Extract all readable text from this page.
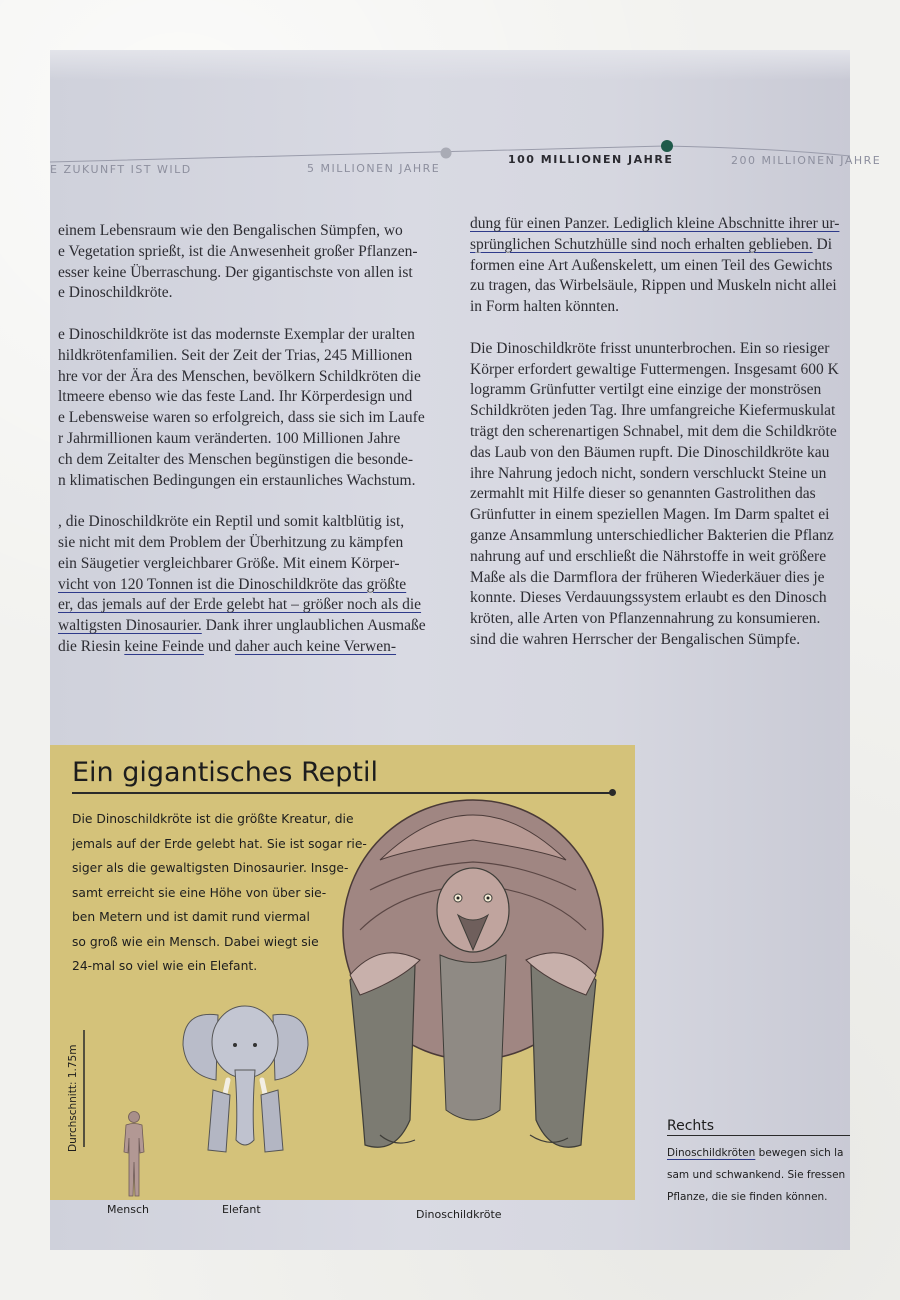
E ZUKUNFT IST WILD	5 MILLIONEN JAHRE
100 MILLIONEN JAHRE	200 MILLIONEN JAHRE

einem Lebensraum wie den Bengalischen Sümpfen, wo
e Vegetation sprießt, ist die Anwesenheit großer Pflanzen-
esser keine Überraschung. Der gigantischste von allen ist
e Dinoschildkröte.

e Dinoschildkröte ist das modernste Exemplar der uralten
hildkrötenfamilien. Seit der Zeit der Trias, 245 Millionen
hre vor der Ära des Menschen, bevölkern Schildkröten die
ltmeere ebenso wie das feste Land. Ihr Körperdesign und
e Lebensweise waren so erfolgreich, dass sie sich im Laufe
r Jahrmillionen kaum veränderten. 100 Millionen Jahre
ch dem Zeitalter des Menschen begünstigen die besonde-
n klimatischen Bedingungen ein erstaunliches Wachstum.

, die Dinoschildkröte ein Reptil und somit kaltblütig ist,
sie nicht mit dem Problem der Überhitzung zu kämpfen
ein Säugetier vergleichbarer Größe. Mit einem Körper-
vicht von 120 Tonnen ist die Dinoschildkröte das größte
er, das jemals auf der Erde gelebt hat – größer noch als die
waltigsten Dinosaurier. Dank ihrer unglaublichen Ausmaße
die Riesin keine Feinde und daher auch keine Verwen-

dung für einen Panzer. Lediglich kleine Abschnitte ihrer ur-
sprünglichen Schutzhülle sind noch erhalten geblieben. Di
formen eine Art Außenskelett, um einen Teil des Gewichts
zu tragen, das Wirbelsäule, Rippen und Muskeln nicht allei
in Form halten könnten.

Die Dinoschildkröte frisst ununterbrochen. Ein so riesiger
Körper erfordert gewaltige Futtermengen. Insgesamt 600 K
logramm Grünfutter vertilgt eine einzige der monströsen
Schildkröten jeden Tag. Ihre umfangreiche Kiefermuskulat
trägt den scherenartigen Schnabel, mit dem die Schildkröte
das Laub von den Bäumen rupft. Die Dinoschildkröte kau
ihre Nahrung jedoch nicht, sondern verschluckt Steine un
zermahlt mit Hilfe dieser so genannten Gastrolithen das
Grünfutter in einem speziellen Magen. Im Darm spaltet ei
ganze Ansammlung unterschiedlicher Bakterien die Pflanz
nahrung auf und erschließt die Nährstoffe in weit größere
Maße als die Darmflora der früheren Wiederkäuer dies je
konnte. Dieses Verdauungssystem erlaubt es den Dinosch
kröten, alle Arten von Pflanzennahrung zu konsumieren.
sind die wahren Herrscher der Bengalischen Sümpfe.

Ein gigantisches Reptil
Die Dinoschildkröte ist die größte Kreatur, die
jemals auf der Erde gelebt hat. Sie ist sogar rie-
siger als die gewaltigsten Dinosaurier. Insge-
samt erreicht sie eine Höhe von über sie-
ben Metern und ist damit rund viermal
so groß wie ein Mensch. Dabei wiegt sie
24-mal so viel wie ein Elefant.
Durchschnitt: 1.75m
Mensch	Elefant	Dinoschildkröte
Rechts
Dinoschildkröten bewegen sich la
sam und schwankend. Sie fressen
Pflanze, die sie finden können.
